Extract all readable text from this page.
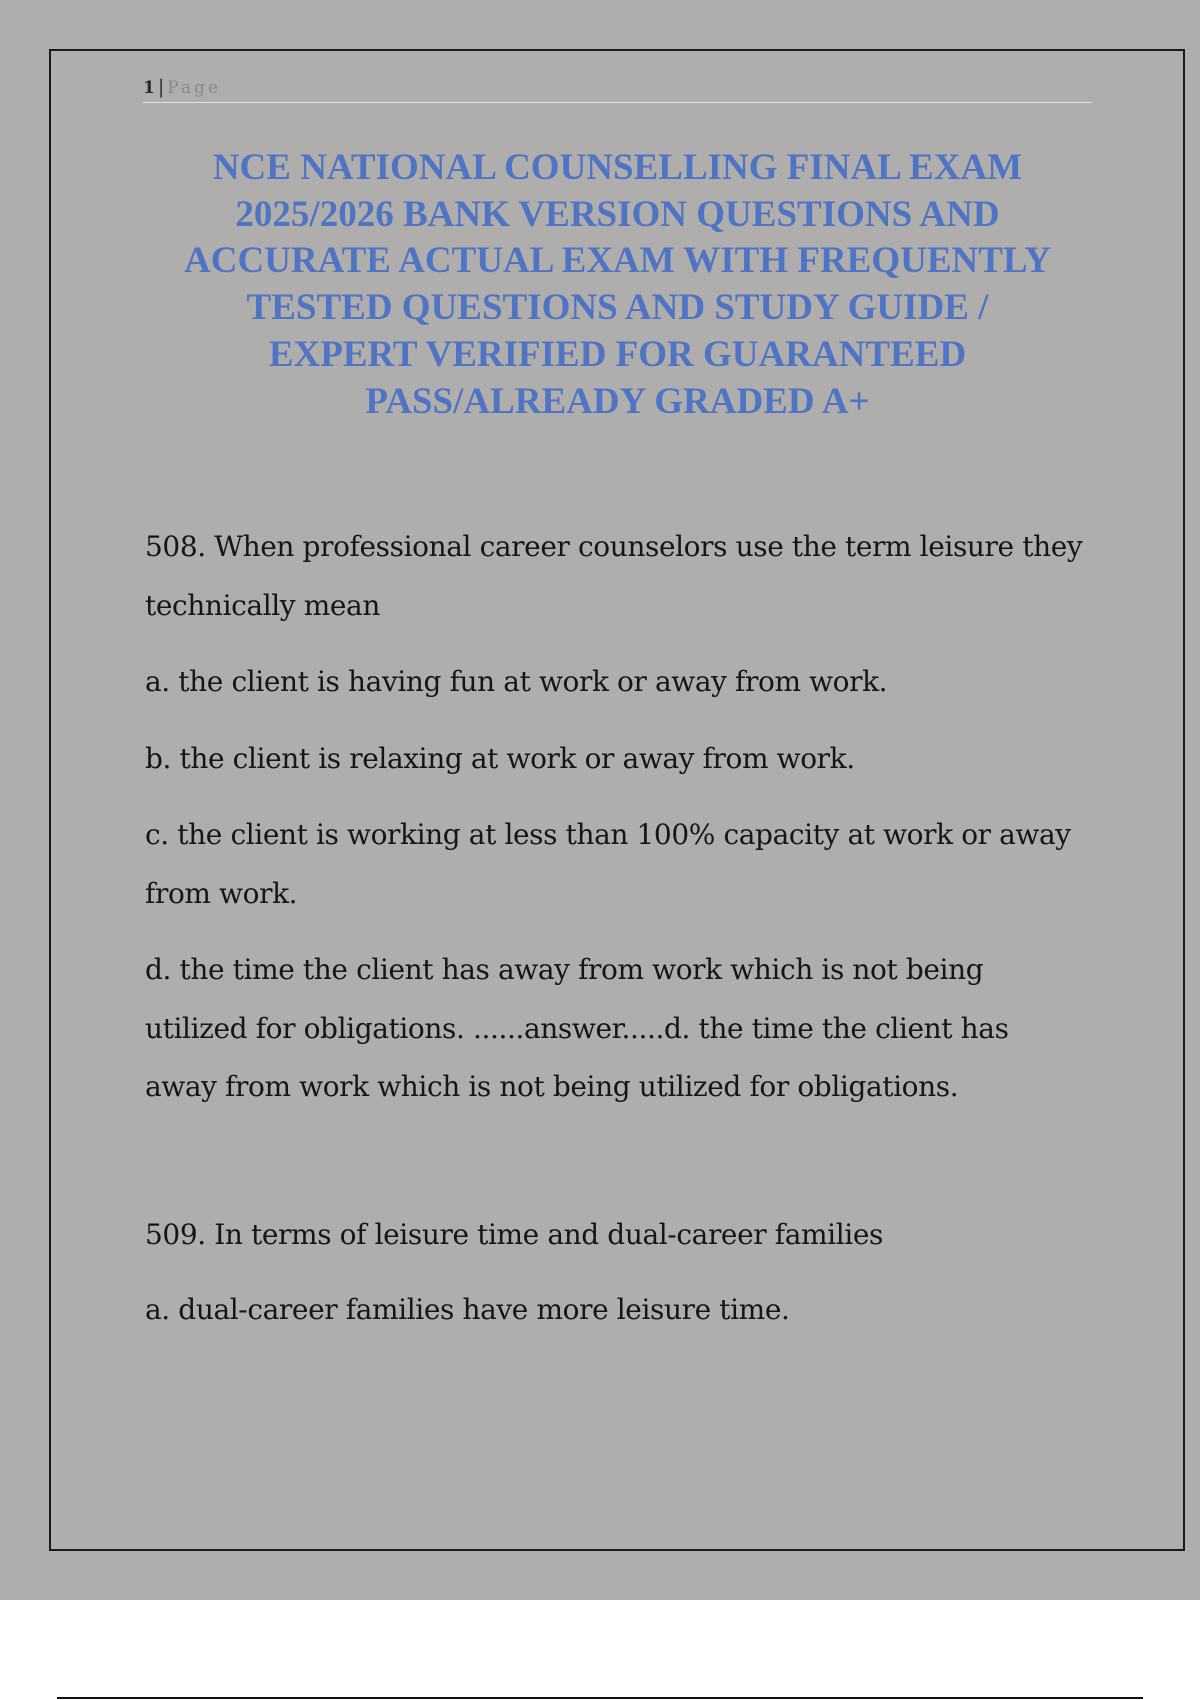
1 | Page
NCE NATIONAL COUNSELLING FINAL EXAM
2025/2026 BANK VERSION QUESTIONS AND
ACCURATE ACTUAL EXAM WITH FREQUENTLY
TESTED QUESTIONS AND STUDY GUIDE /
EXPERT VERIFIED FOR GUARANTEED
PASS/ALREADY GRADED A+

508. When professional career counselors use the term leisure they

technically mean

a. the client is having fun at work or away from work.

b. the client is relaxing at work or away from work.

c. the client is working at less than 100% capacity at work or away

from work.

d. the time the client has away from work which is not being

utilized for obligations. ......answer.....d. the time the client has

away from work which is not being utilized for obligations.

509. In terms of leisure time and dual-career families

a. dual-career families have more leisure time.
